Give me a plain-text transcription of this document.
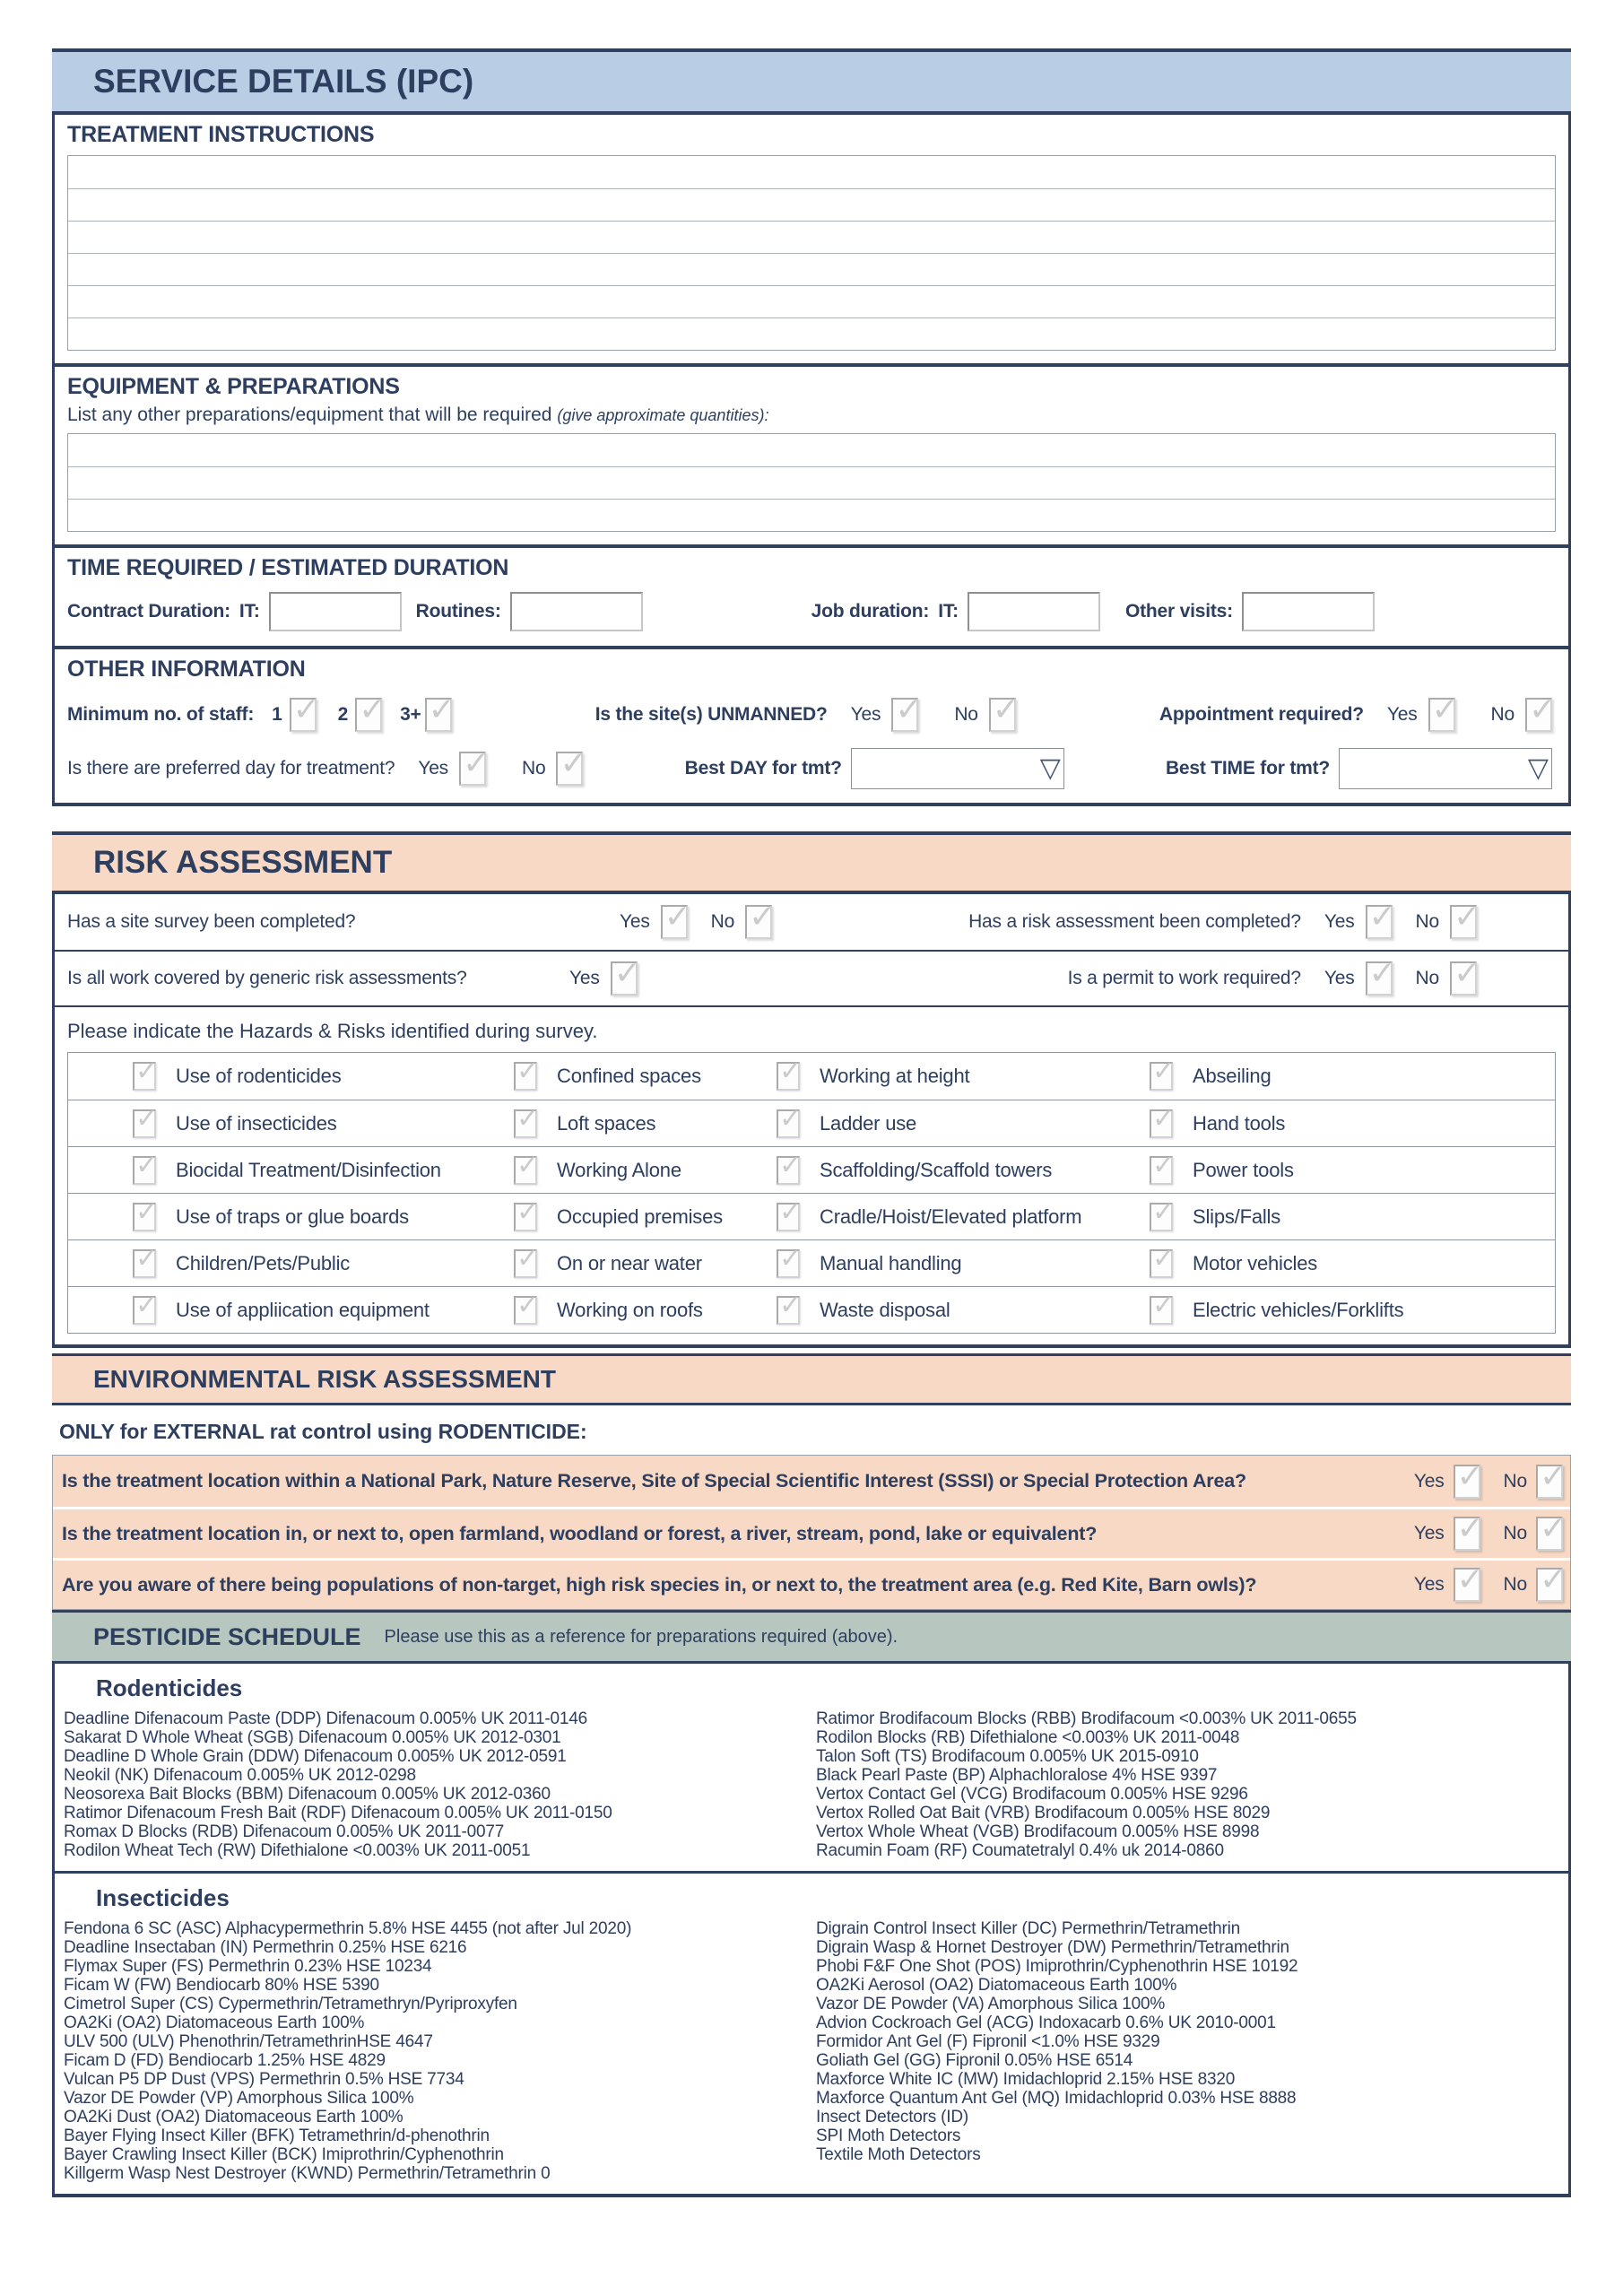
SERVICE DETAILS (IPC)
TREATMENT INSTRUCTIONS
EQUIPMENT & PREPARATIONS

List any other preparations/equipment that will be required (give approximate quantities):

TIME REQUIRED / ESTIMATED DURATION
Contract Duration: IT:	Routines:	Job duration: IT:	Other visits:
OTHER INFORMATION
Minimum no. of staff: 1 ✓	2 ✓	3+ ✓	Is the site(s) UNMANNED? Yes ✓	No ✓	Appointment required? Yes ✓	No
✓
Is there are preferred day for treatment? Yes ✓	No ✓	Best DAY for tmt?	▽	Best TIME for tmt?	▽
RISK ASSESSMENT
Has a site survey been completed?	Yes ✓	No ✓	Has a risk assessment been completed? Yes ✓	No
✓
Is all work covered by generic risk assessments?	Yes ✓	Is a permit to work required? Yes ✓	No
✓

Please indicate the Hazards & Risks identified during survey.

✓
Use of rodenticides ✓	Confined spaces ✓	Working at height ✓	Abseiling
✓
Use of insecticides ✓	Loft spaces ✓	Ladder use ✓	Hand tools
✓
Biocidal Treatment/Disinfection ✓	Working Alone ✓	Scaffolding/Scaffold towers ✓	Power tools
✓
Use of traps or glue boards ✓	Occupied premises ✓	Cradle/Hoist/Elevated platform ✓	Slips/Falls
✓
Children/Pets/Public ✓	On or near water ✓	Manual handling ✓	Motor vehicles
✓
Use of appliication equipment ✓	Working on roofs ✓	Waste disposal ✓	Electric vehicles/Forklifts
ENVIRONMENTAL RISK ASSESSMENT

ONLY for EXTERNAL rat control using RODENTICIDE:

Is the treatment location within a National Park, Nature Reserve, Site of Special Scientific Interest (SSSI) or Special Protection Area?	Yes ✓	No
✓
Is the treatment location in, or next to, open farmland, woodland or forest, a river, stream, pond, lake or equivalent?	Yes ✓	No
✓
Are you aware of there being populations of non-target, high risk species in, or next to, the treatment area (e.g. Red Kite, Barn owls)?	Yes ✓	No
✓
PESTICIDE SCHEDULE Please use this as a reference for preparations required (above).
Rodenticides
Deadline Difenacoum Paste (DDP) Difenacoum 0.005% UK 2011-0146
Sakarat D Whole Wheat (SGB) Difenacoum 0.005% UK 2012-0301
Deadline D Whole Grain (DDW) Difenacoum 0.005% UK 2012-0591
Neokil (NK) Difenacoum 0.005% UK 2012-0298
Neosorexa Bait Blocks (BBM) Difenacoum 0.005% UK 2012-0360
Ratimor Difenacoum Fresh Bait (RDF) Difenacoum 0.005% UK 2011-0150
Romax D Blocks (RDB) Difenacoum 0.005% UK 2011-0077
Rodilon Wheat Tech (RW) Difethialone <0.003% UK 2011-0051
Ratimor Brodifacoum Blocks (RBB) Brodifacoum <0.003% UK 2011-0655
Rodilon Blocks (RB) Difethialone <0.003% UK 2011-0048
Talon Soft (TS) Brodifacoum 0.005% UK 2015-0910
Black Pearl Paste (BP) Alphachloralose 4% HSE 9397
Vertox Contact Gel (VCG) Brodifacoum 0.005% HSE 9296
Vertox Rolled Oat Bait (VRB) Brodifacoum 0.005% HSE 8029
Vertox Whole Wheat (VGB) Brodifacoum 0.005% HSE 8998
Racumin Foam (RF) Coumatetralyl 0.4% uk 2014-0860
Insecticides
Fendona 6 SC (ASC) Alphacypermethrin 5.8% HSE 4455 (not after Jul 2020)
Deadline Insectaban (IN) Permethrin 0.25% HSE 6216
Flymax Super (FS) Permethrin 0.23% HSE 10234
Ficam W (FW) Bendiocarb 80% HSE 5390
Cimetrol Super (CS) Cypermethrin/Tetramethryn/Pyriproxyfen
OA2Ki (OA2) Diatomaceous Earth 100%
ULV 500 (ULV) Phenothrin/TetramethrinHSE 4647
Ficam D (FD) Bendiocarb 1.25% HSE 4829
Vulcan P5 DP Dust (VPS) Permethrin 0.5% HSE 7734
Vazor DE Powder (VP) Amorphous Silica 100%
OA2Ki Dust (OA2) Diatomaceous Earth 100%
Bayer Flying Insect Killer (BFK) Tetramethrin/d-phenothrin
Bayer Crawling Insect Killer (BCK) Imiprothrin/Cyphenothrin
Killgerm Wasp Nest Destroyer (KWND) Permethrin/Tetramethrin 0
Digrain Control Insect Killer (DC) Permethrin/Tetramethrin
Digrain Wasp & Hornet Destroyer (DW) Permethrin/Tetramethrin
Phobi F&F One Shot (POS) Imiprothrin/Cyphenothrin HSE 10192
OA2Ki Aerosol (OA2) Diatomaceous Earth 100%
Vazor DE Powder (VA) Amorphous Silica 100%
Advion Cockroach Gel (ACG) Indoxacarb 0.6% UK 2010-0001
Formidor Ant Gel (F) Fipronil <1.0% HSE 9329
Goliath Gel (GG) Fipronil 0.05% HSE 6514
Maxforce White IC (MW) Imidachloprid 2.15% HSE 8320
Maxforce Quantum Ant Gel (MQ) Imidachloprid 0.03% HSE 8888
Insect Detectors (ID)
SPI Moth Detectors
Textile Moth Detectors
